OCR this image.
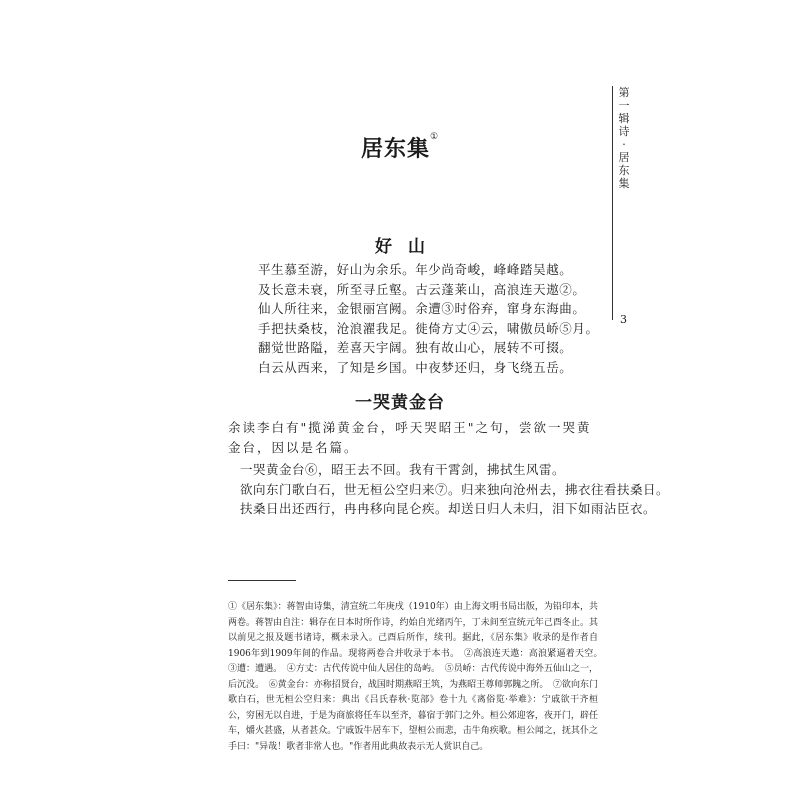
第一辑 诗·居东集
3
居东集①
好山
平生慕至游，好山为余乐。年少尚奇峻，峰峰踏吴越。
及长意未衰，所至寻丘壑。古云蓬莱山，高浪连天遨②。
仙人所往来，金银丽宫阙。余遭③时俗弃，窜身东海曲。
手把扶桑枝，沧浪濯我足。徙倚方丈④云，啸傲员峤⑤月。
翻觉世路隘，差喜天宇阔。独有故山心，展转不可掇。
白云从西来，了知是乡国。中夜梦还归，身飞绕五岳。
一哭黄金台
余读李白有"揽涕黄金台，呼天哭昭王"之句，尝欲一哭黄金台，因以是名篇。
一哭黄金台⑥，昭王去不回。我有干霄剑，拂拭生风雷。
欲向东门歌白石，世无桓公空归来⑦。归来独向沧州去，拂衣往看扶桑日。
扶桑日出还西行，冉冉移向昆仑疾。却送日归人未归，泪下如雨沾臣衣。
①《居东集》：蒋智由诗集，清宣统二年庚戌（1910年）由上海文明书局出版，为铅印本，共两卷。蒋智由自注：辑存在日本时所作诗，约始自光绪丙午，丁未间至宣统元年己酉冬止。其以前见之报及题书诸诗，概未录入。己酉后所作，续刊。据此，《居东集》收录的是作者自1906年到1909年间的作品。现将两卷合并收录于本书。　②高浪连天遨：高浪紧逼着天空。　③遭：遭遇。　④方丈：古代传说中仙人居住的岛屿。　⑤员峤：古代传说中海外五仙山之一，后沉没。　⑥黄金台：亦称招贤台，战国时期燕昭王筑，为燕昭王尊师郭隗之所。　⑦欲向东门歌白石，世无桓公空归来：典出《吕氏春秋·览部》卷十九《离俗览·举难》：宁戚欲干齐桓公，穷困无以自进，于是为商旅将任车以至齐，暮宿于郭门之外。桓公郊迎客，夜开门，辟任车，爝火甚盛，从者甚众。宁戚饭牛居车下，望桓公而悲，击牛角疾歌。桓公闻之，抚其仆之手曰："异哉！歌者非常人也。"作者用此典故表示无人赏识自己。
